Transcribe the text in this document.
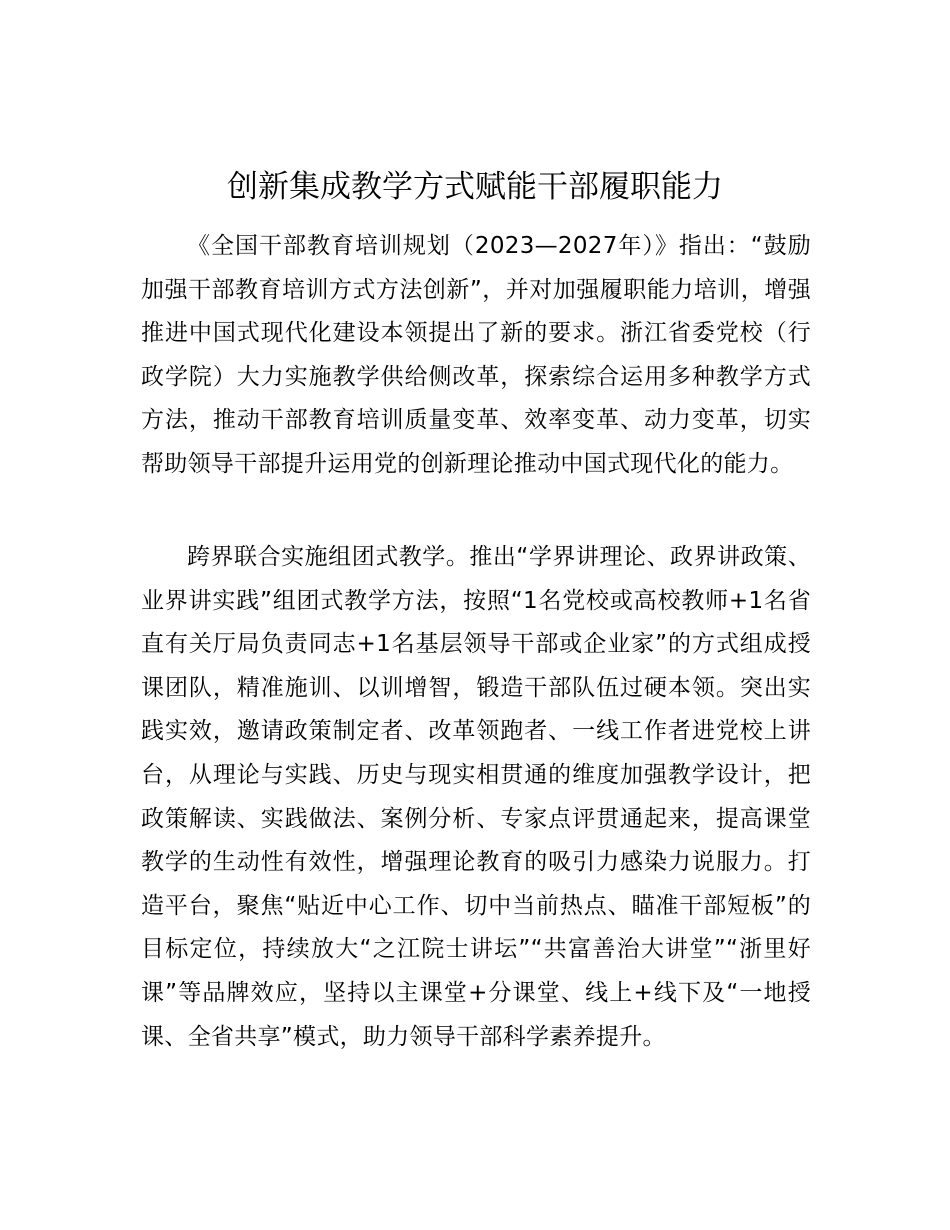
创新集成教学方式赋能干部履职能力

《全国干部教育培训规划（2023—2027年）》指出：“鼓励加强干部教育培训方式方法创新”，并对加强履职能力培训，增强推进中国式现代化建设本领提出了新的要求。浙江省委党校（行政学院）大力实施教学供给侧改革，探索综合运用多种教学方式方法，推动干部教育培训质量变革、效率变革、动力变革，切实帮助领导干部提升运用党的创新理论推动中国式现代化的能力。

跨界联合实施组团式教学。推出“学界讲理论、政界讲政策、业界讲实践”组团式教学方法，按照“1名党校或高校教师+1名省直有关厅局负责同志+1名基层领导干部或企业家”的方式组成授课团队，精准施训、以训增智，锻造干部队伍过硬本领。突出实践实效，邀请政策制定者、改革领跑者、一线工作者进党校上讲台，从理论与实践、历史与现实相贯通的维度加强教学设计，把政策解读、实践做法、案例分析、专家点评贯通起来，提高课堂教学的生动性有效性，增强理论教育的吸引力感染力说服力。打造平台，聚焦“贴近中心工作、切中当前热点、瞄准干部短板”的目标定位，持续放大“之江院士讲坛”“共富善治大讲堂”“浙里好课”等品牌效应，坚持以主课堂+分课堂、线上+线下及“一地授课、全省共享”模式，助力领导干部科学素养提升。
